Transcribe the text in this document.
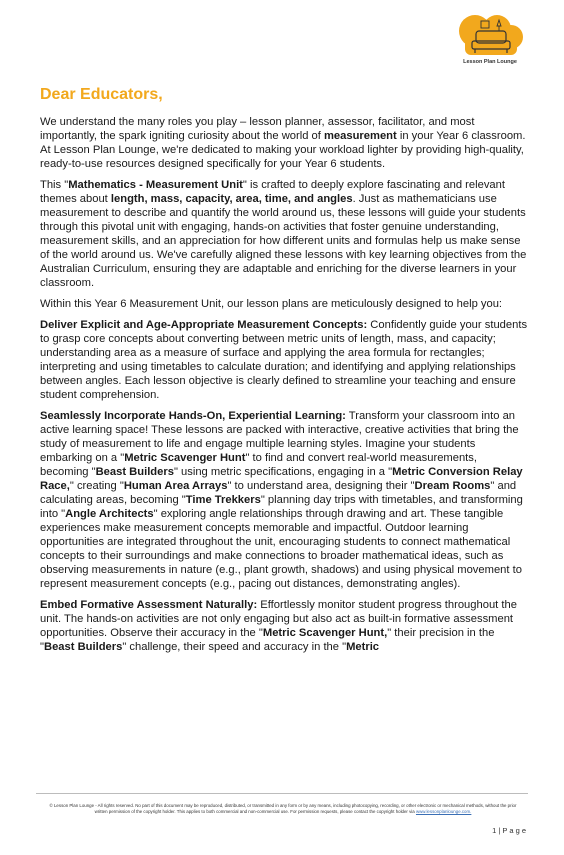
Lesson Plan Lounge
Dear Educators,

We understand the many roles you play – lesson planner, assessor, facilitator, and most importantly, the spark igniting curiosity about the world of measurement in your Year 6 classroom. At Lesson Plan Lounge, we're dedicated to making your workload lighter by providing high-quality, ready-to-use resources designed specifically for your Year 6 students.

This "Mathematics - Measurement Unit" is crafted to deeply explore fascinating and relevant themes about length, mass, capacity, area, time, and angles. Just as mathematicians use measurement to describe and quantify the world around us, these lessons will guide your students through this pivotal unit with engaging, hands-on activities that foster genuine understanding, measurement skills, and an appreciation for how different units and formulas help us make sense of the world around us. We've carefully aligned these lessons with key learning objectives from the Australian Curriculum, ensuring they are adaptable and enriching for the diverse learners in your classroom.

Within this Year 6 Measurement Unit, our lesson plans are meticulously designed to help you:

Deliver Explicit and Age-Appropriate Measurement Concepts: Confidently guide your students to grasp core concepts about converting between metric units of length, mass, and capacity; understanding area as a measure of surface and applying the area formula for rectangles; interpreting and using timetables to calculate duration; and identifying and applying relationships between angles. Each lesson objective is clearly defined to streamline your teaching and ensure student comprehension.

Seamlessly Incorporate Hands-On, Experiential Learning: Transform your classroom into an active learning space! These lessons are packed with interactive, creative activities that bring the study of measurement to life and engage multiple learning styles. Imagine your students embarking on a "Metric Scavenger Hunt" to find and convert real-world measurements, becoming "Beast Builders" using metric specifications, engaging in a "Metric Conversion Relay Race," creating "Human Area Arrays" to understand area, designing their "Dream Rooms" and calculating areas, becoming "Time Trekkers" planning day trips with timetables, and transforming into "Angle Architects" exploring angle relationships through drawing and art. These tangible experiences make measurement concepts memorable and impactful. Outdoor learning opportunities are integrated throughout the unit, encouraging students to connect mathematical concepts to their surroundings and make connections to broader mathematical ideas, such as observing measurements in nature (e.g., plant growth, shadows) and using physical movement to represent measurement concepts (e.g., pacing out distances, demonstrating angles).

Embed Formative Assessment Naturally: Effortlessly monitor student progress throughout the unit. The hands-on activities are not only engaging but also act as built-in formative assessment opportunities. Observe their accuracy in the "Metric Scavenger Hunt," their precision in the "Beast Builders" challenge, their speed and accuracy in the "Metric

© Lesson Plan Lounge - All rights reserved. No part of this document may be reproduced, distributed, or transmitted in any form or by any means, including photocopying, recording, or other electronic or mechanical methods, without the prior written permission of the copyright holder. This applies to both commercial and non-commercial use. For permission requests, please contact the copyright holder via www.lessonplanlounge.com.
1 | P a g e
